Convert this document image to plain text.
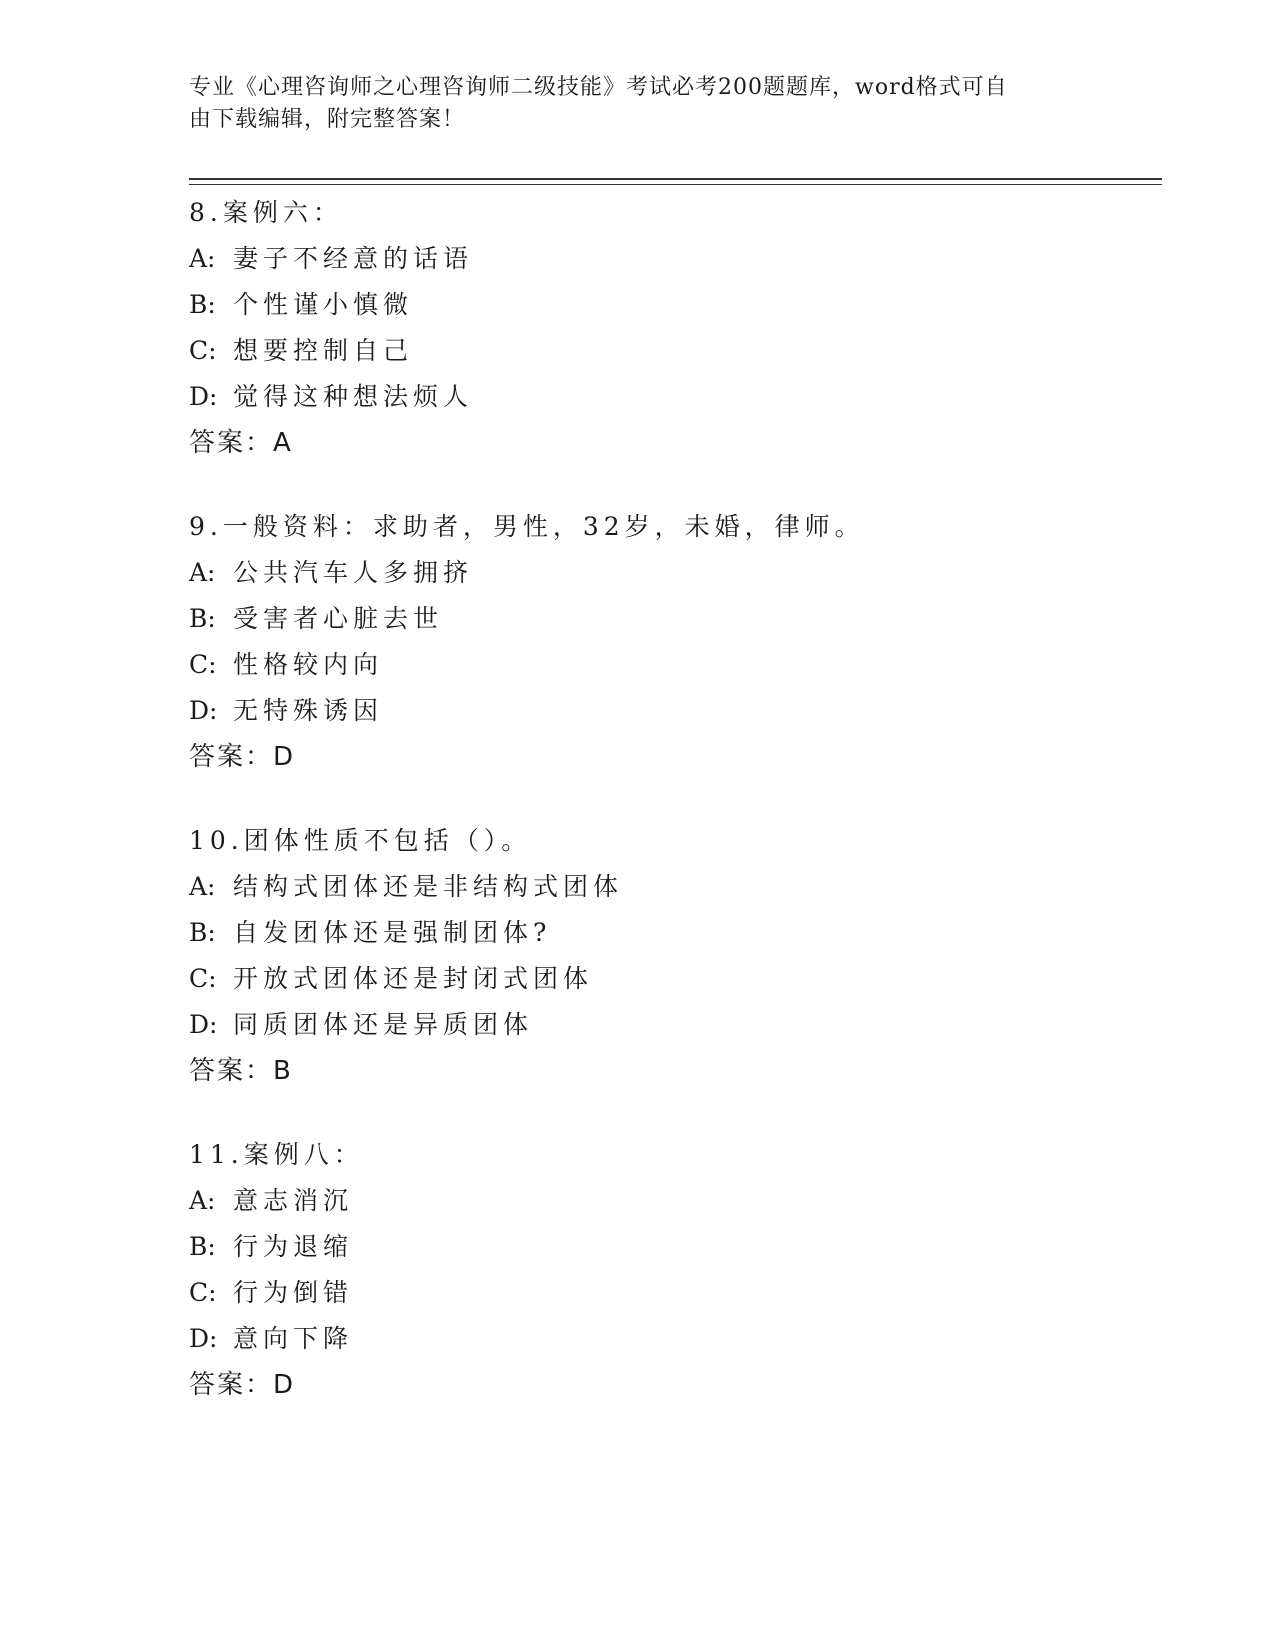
专业《心理咨询师之心理咨询师二级技能》考试必考200题题库，word格式可自
由下载编辑，附完整答案！
8.案例六：
A: 妻子不经意的话语
B: 个性谨小慎微
C: 想要控制自己
D: 觉得这种想法烦人
答案：A
9.一般资料：求助者，男性，32岁，未婚，律师。
A: 公共汽车人多拥挤
B: 受害者心脏去世
C: 性格较内向
D: 无特殊诱因
答案：D
10.团体性质不包括（）。
A: 结构式团体还是非结构式团体
B: 自发团体还是强制团体?
C: 开放式团体还是封闭式团体
D: 同质团体还是异质团体
答案：B
11.案例八：
A: 意志消沉
B: 行为退缩
C: 行为倒错
D: 意向下降
答案：D
